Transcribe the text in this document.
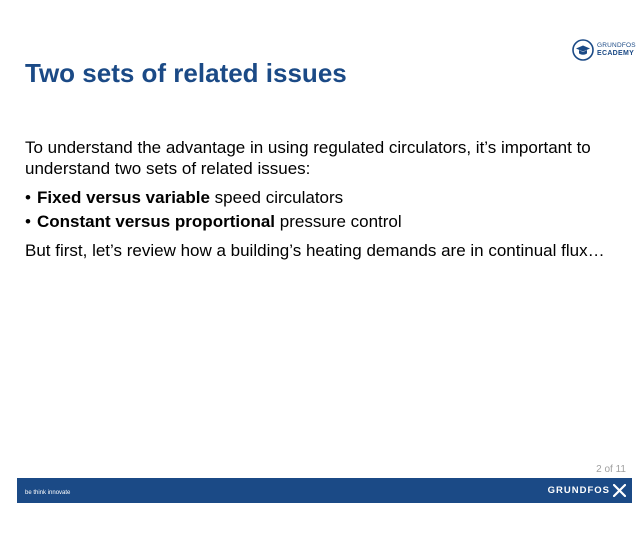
GRUNDFOS
ECADEMY
Two sets of related issues

To understand the advantage in using regulated circulators, it’s important to understand two sets of related issues:

• Fixed versus variable speed circulators
• Constant versus proportional pressure control

But first, let’s review how a building’s heating demands are in continual flux…

2 of 11
be think innovate	GRUNDFOS
